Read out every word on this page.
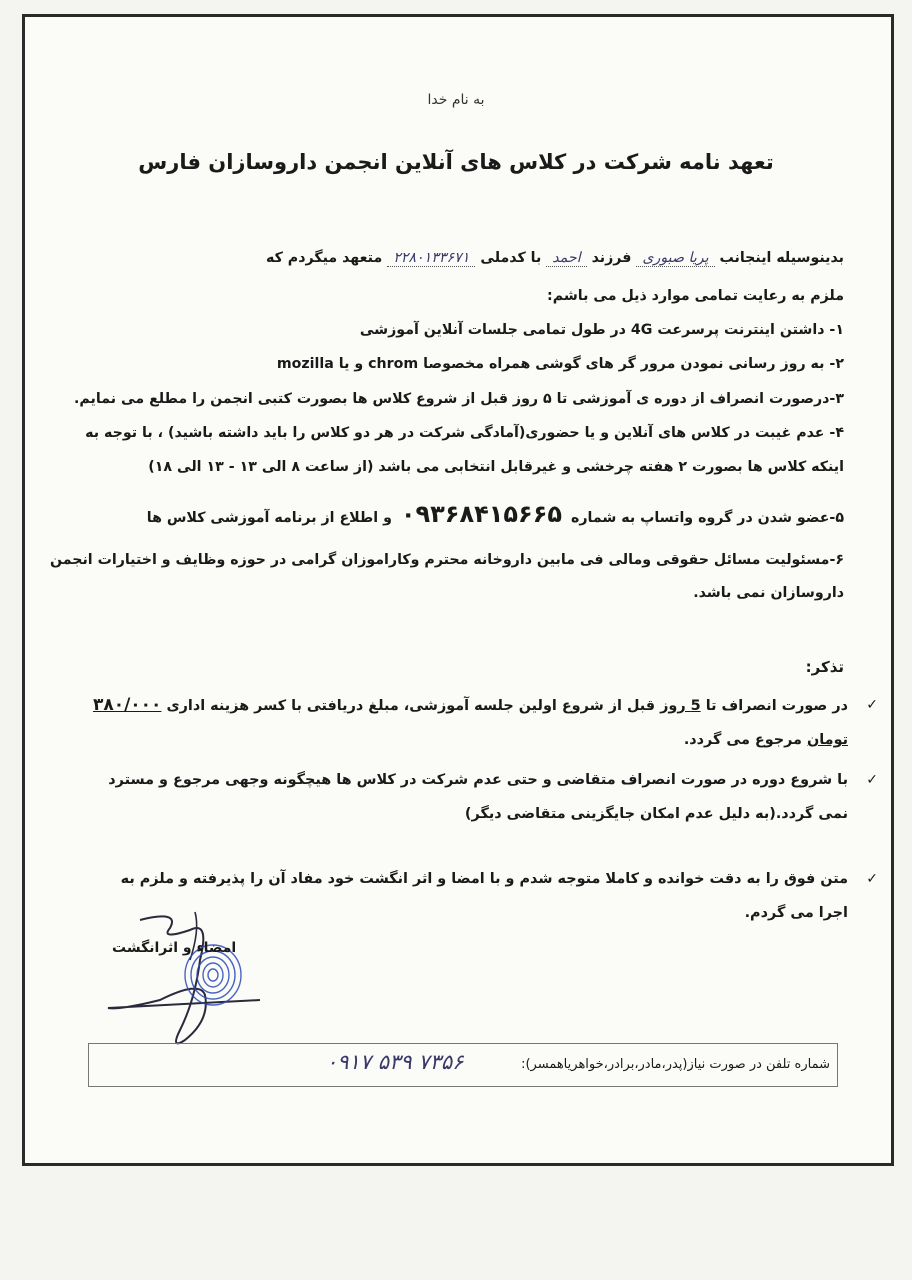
به نام خدا
تعهد نامه شرکت در کلاس های آنلاین انجمن داروسازان فارس
بدینوسیله اینجانب پریا صبوری فرزند احمد با کدملی ۲۲۸۰۱۳۳۶۷۱ متعهد میگردم که
ملزم به رعایت تمامی موارد ذیل می باشم:
۱- داشتن اینترنت پرسرعت 4G در طول تمامی جلسات آنلاین آموزشی
۲- به روز رسانی نمودن مرور گر های گوشی همراه مخصوصا chrom و یا mozilla
۳-درصورت انصراف از دوره ی آموزشی تا ۵ روز قبل از شروع کلاس ها بصورت کتبی انجمن را مطلع می نمایم.
۴- عدم غیبت در کلاس های آنلاین و یا حضوری(آمادگی شرکت در هر دو کلاس را باید داشته باشید) ، با توجه به
اینکه کلاس ها بصورت ۲ هفته چرخشی و غیرقابل انتخابی می باشد (از ساعت ۸ الی ۱۳ - ۱۳ الی ۱۸)
۵-عضو شدن در گروه واتساپ به شماره ۰۹۳۶۸۴۱۵۶۶۵ و اطلاع از برنامه آموزشی کلاس ها
۶-مسئولیت مسائل حقوقی ومالی فی مابین داروخانه محترم وکاراموزان گرامی در حوزه وظایف و اختیارات انجمن
داروسازان نمی باشد.
تذکر:
در صورت انصراف تا 5 روز قبل از شروع اولین جلسه آموزشی، مبلغ دریافتی با کسر هزینه اداری ۳۸۰/۰۰۰ تومان مرجوع می گردد.
✓
با شروع دوره در صورت انصراف متقاضی و حتی عدم شرکت در کلاس ها هیچگونه وجهی مرجوع و مسترد نمی گردد.(به دلیل عدم امکان جایگزینی متقاضی دیگر)
✓
متن فوق را به دقت خوانده و کاملا متوجه شدم و با امضا و اثر انگشت خود مفاد آن را پذیرفته و ملزم به اجرا می گردم.
✓
امضاء و اثرانگشت
شماره تلفن در صورت نیاز(پدر،مادر،برادر،خواهریاهمسر):
۰۹۱۷ ۵۳۹ ۷۳۵۶
